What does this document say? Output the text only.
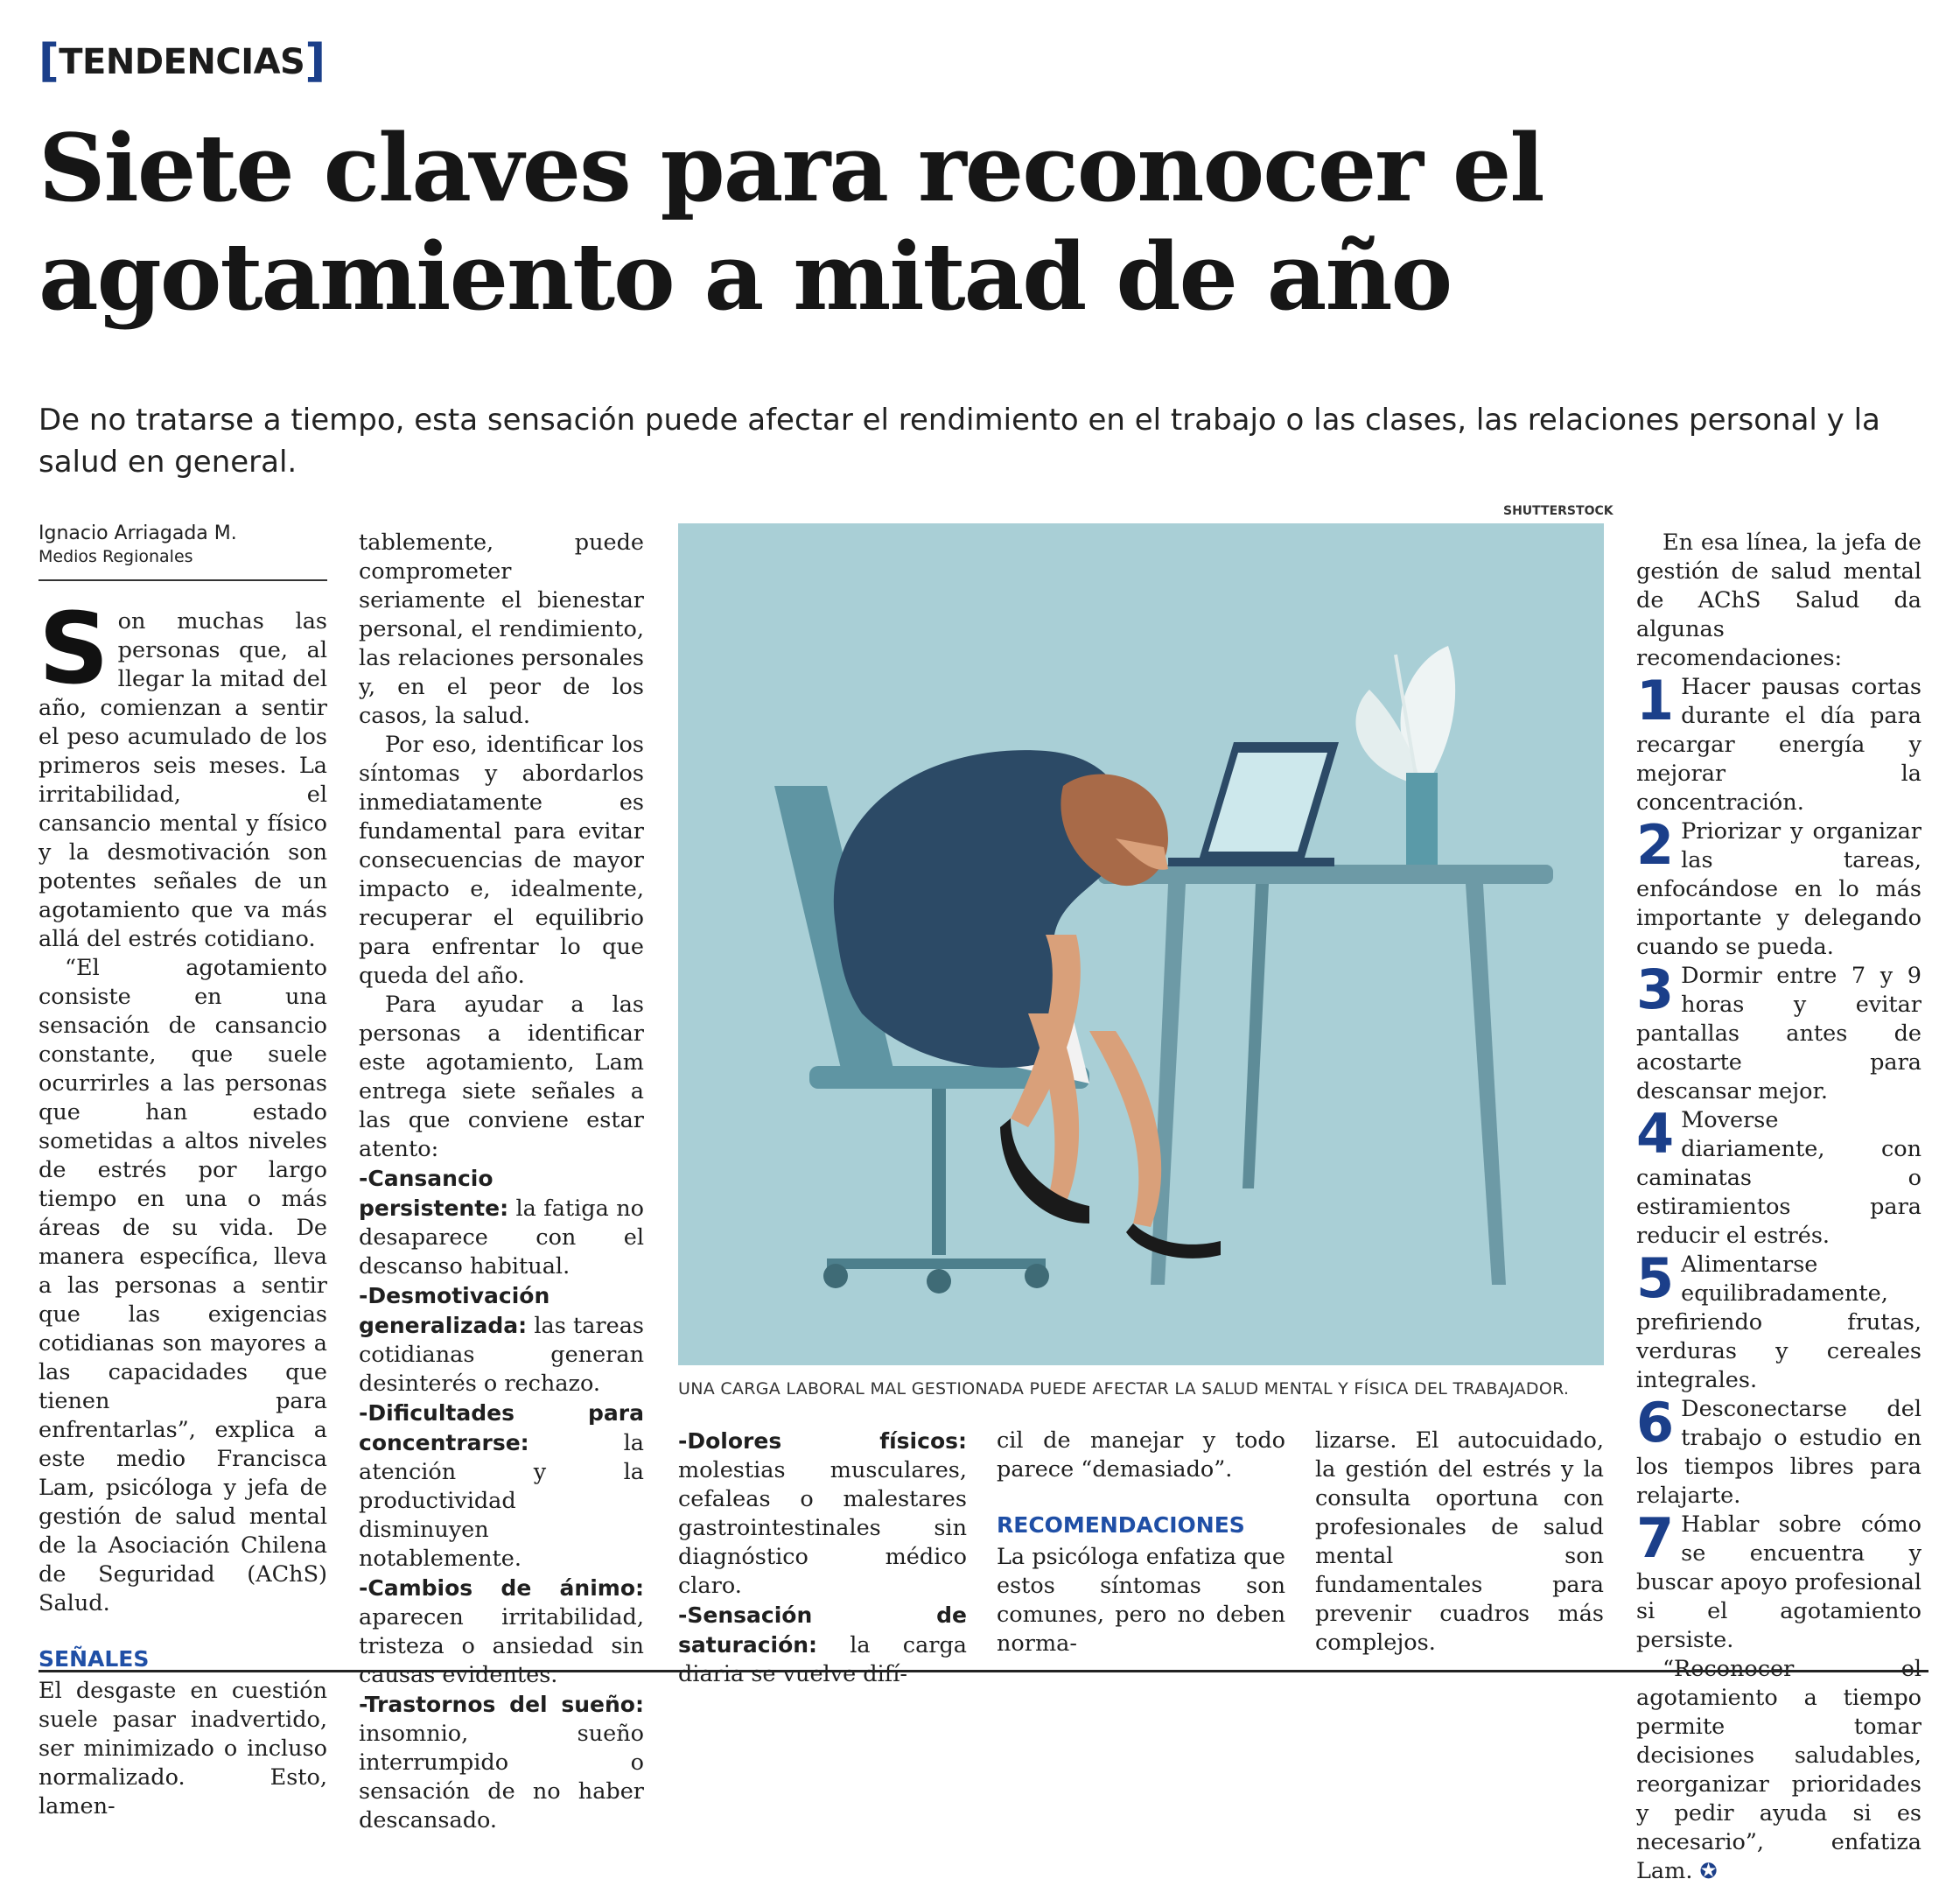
[TENDENCIAS]
Siete claves para reconocer el agotamiento a mitad de año

De no tratarse a tiempo, esta sensación puede afectar el rendimiento en el trabajo o las clases, las relaciones personal y la salud en general.

Ignacio Arriagada M.
Medios Regionales

Son muchas las personas que, al llegar la mitad del año, comienzan a sentir el peso acumulado de los primeros seis meses. La irritabilidad, el cansancio mental y físico y la desmotivación son potentes señales de un agotamiento que va más allá del estrés cotidiano.

“El agotamiento consiste en una sensación de cansancio constante, que suele ocurrirles a las personas que han estado sometidas a altos niveles de estrés por largo tiempo en una o más áreas de su vida. De manera específica, lleva a las personas a sentir que las exigencias cotidianas son mayores a las capacidades que tienen para enfrentarlas”, explica a este medio Francisca Lam, psicóloga y jefa de gestión de salud mental de la Asociación Chilena de Seguridad (AChS) Salud.

SEÑALES

El desgaste en cuestión suele pasar inadvertido, ser minimizado o incluso normalizado. Esto, lamen-

tablemente, puede comprometer seriamente el bienestar personal, el rendimiento, las relaciones personales y, en el peor de los casos, la salud.

Por eso, identificar los síntomas y abordarlos inmediatamente es fundamental para evitar consecuencias de mayor impacto e, idealmente, recuperar el equilibrio para enfrentar lo que queda del año.

Para ayudar a las personas a identificar este agotamiento, Lam entrega siete señales a las que conviene estar atento:

-Cansancio persistente: la fatiga no desaparece con el descanso habitual.

-Desmotivación generalizada: las tareas cotidianas generan desinterés o rechazo.

-Dificultades para concentrarse: la atención y la productividad disminuyen notablemente.

-Cambios de ánimo: aparecen irritabilidad, tristeza o ansiedad sin causas evidentes.

-Trastornos del sueño: insomnio, sueño interrumpido o sensación de no haber descansado.

SHUTTERSTOCK
UNA CARGA LABORAL MAL GESTIONADA PUEDE AFECTAR LA SALUD MENTAL Y FÍSICA DEL TRABAJADOR.

-Dolores físicos: molestias musculares, cefaleas o malestares gastrointestinales sin diagnóstico médico claro.

-Sensación de saturación: la carga diaria se vuelve difí-

cil de manejar y todo parece “demasiado”.

RECOMENDACIONES

La psicóloga enfatiza que estos síntomas son comunes, pero no deben norma-

lizarse. El autocuidado, la gestión del estrés y la consulta oportuna con profesionales de salud mental son fundamentales para prevenir cuadros más complejos.

En esa línea, la jefa de gestión de salud mental de AChS Salud da algunas recomendaciones:

1 Hacer pausas cortas durante el día para recargar energía y mejorar la concentración.

2 Priorizar y organizar las tareas, enfocándose en lo más importante y delegando cuando se pueda.

3 Dormir entre 7 y 9 horas y evitar pantallas antes de acostarte para descansar mejor.

4 Moverse diariamente, con caminatas o estiramientos para reducir el estrés.

5 Alimentarse equilibradamente, prefiriendo frutas, verduras y cereales integrales.

6 Desconectarse del trabajo o estudio en los tiempos libres para relajarte.

7 Hablar sobre cómo se encuentra y buscar apoyo profesional si el agotamiento persiste.

“Reconocer el agotamiento a tiempo permite tomar decisiones saludables, reorganizar prioridades y pedir ayuda si es necesario”, enfatiza Lam. ✪
